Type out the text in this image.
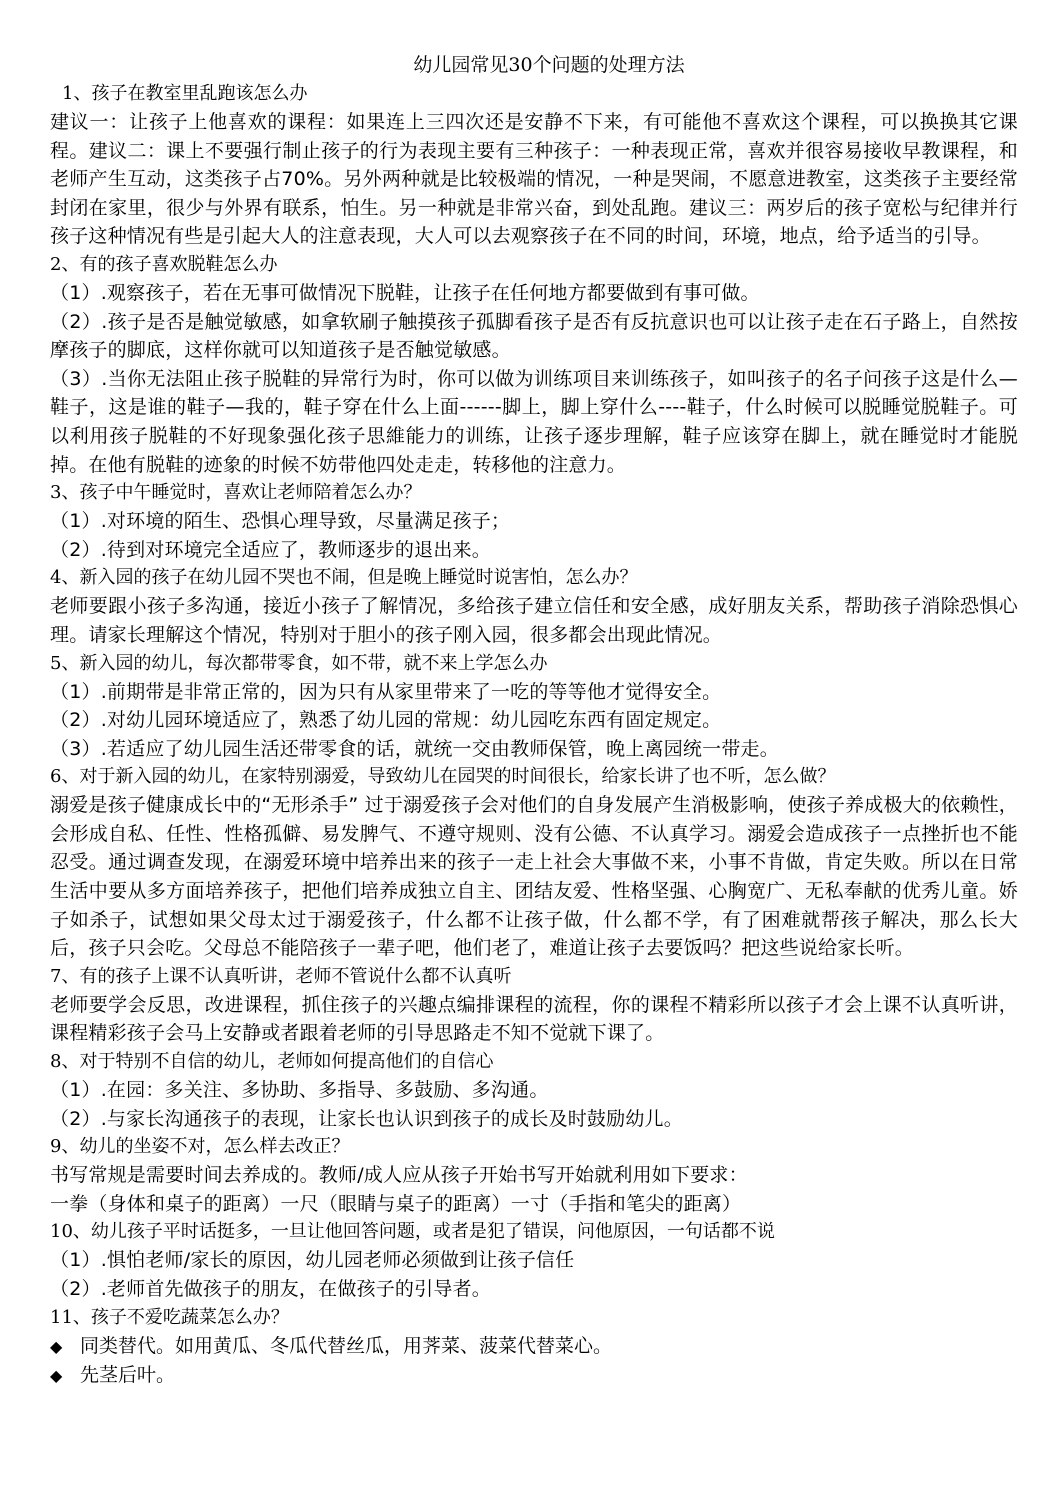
幼儿园常见30个问题的处理方法
1、孩子在教室里乱跑该怎么办
建议一：让孩子上他喜欢的课程：如果连上三四次还是安静不下来，有可能他不喜欢这个课程，可以换换其它课程。建议二：课上不要强行制止孩子的行为表现主要有三种孩子：一种表现正常，喜欢并很容易接收早教课程，和老师产生互动，这类孩子占70%。另外两种就是比较极端的情况，一种是哭闹，不愿意进教室，这类孩子主要经常封闭在家里，很少与外界有联系，怕生。另一种就是非常兴奋，到处乱跑。建议三：两岁后的孩子宽松与纪律并行 孩子这种情况有些是引起大人的注意表现，大人可以去观察孩子在不同的时间，环境，地点，给予适当的引导。
2、有的孩子喜欢脱鞋怎么办
（1）.观察孩子，若在无事可做情况下脱鞋，让孩子在任何地方都要做到有事可做。
（2）.孩子是否是触觉敏感，如拿软刷子触摸孩子孤脚看孩子是否有反抗意识也可以让孩子走在石子路上，自然按摩孩子的脚底，这样你就可以知道孩子是否触觉敏感。
（3）.当你无法阻止孩子脱鞋的异常行为时，你可以做为训练项目来训练孩子，如叫孩子的名子问孩子这是什么—鞋子，这是谁的鞋子—我的，鞋子穿在什么上面------脚上，脚上穿什么----鞋子，什么时候可以脱睡觉脱鞋子。可以利用孩子脱鞋的不好现象强化孩子思維能力的训练，让孩子逐步理解，鞋子应该穿在脚上，就在睡觉时才能脱掉。在他有脱鞋的迹象的时候不妨带他四处走走，转移他的注意力。
3、孩子中午睡觉时，喜欢让老师陪着怎么办？
（1）.对环境的陌生、恐惧心理导致，尽量满足孩子；
（2）.待到对环境完全适应了，教师逐步的退出来。
4、新入园的孩子在幼儿园不哭也不闹，但是晚上睡觉时说害怕，怎么办？
老师要跟小孩子多沟通，接近小孩子了解情况，多给孩子建立信任和安全感，成好朋友关系，帮助孩子消除恐惧心理。请家长理解这个情况，特别对于胆小的孩子刚入园，很多都会出现此情况。
5、新入园的幼儿，每次都带零食，如不带，就不来上学怎么办
（1）.前期带是非常正常的，因为只有从家里带来了一吃的等等他才觉得安全。
（2）.对幼儿园环境适应了，熟悉了幼儿园的常规：幼儿园吃东西有固定规定。
（3）.若适应了幼儿园生活还带零食的话，就统一交由教师保管，晚上离园统一带走。
6、对于新入园的幼儿，在家特别溺爱，导致幼儿在园哭的时间很长，给家长讲了也不听，怎么做？
溺爱是孩子健康成长中的“无形杀手” 过于溺爱孩子会对他们的自身发展产生消极影响，使孩子养成极大的依赖性，会形成自私、任性、性格孤僻、易发脾气、不遵守规则、没有公德、不认真学习。溺爱会造成孩子一点挫折也不能忍受。通过调查发现，在溺爱环境中培养出来的孩子一走上社会大事做不来，小事不肯做，肯定失败。所以在日常生活中要从多方面培养孩子，把他们培养成独立自主、团结友爱、性格坚强、心胸宽广、无私奉献的优秀儿童。娇子如杀子，试想如果父母太过于溺爱孩子，什么都不让孩子做，什么都不学，有了困难就帮孩子解决，那么长大后，孩子只会吃。父母总不能陪孩子一辈子吧，他们老了，难道让孩子去要饭吗？把这些说给家长听。
7、有的孩子上课不认真听讲，老师不管说什么都不认真听
老师要学会反思，改进课程，抓住孩子的兴趣点编排课程的流程，你的课程不精彩所以孩子才会上课不认真听讲，课程精彩孩子会马上安静或者跟着老师的引导思路走不知不觉就下课了。
8、对于特别不自信的幼儿，老师如何提高他们的自信心
（1）.在园：多关注、多协助、多指导、多鼓励、多沟通。
（2）.与家长沟通孩子的表现，让家长也认识到孩子的成长及时鼓励幼儿。
9、幼儿的坐姿不对，怎么样去改正？
书写常规是需要时间去养成的。教师/成人应从孩子开始书写开始就利用如下要求：
一拳（身体和桌子的距离）一尺（眼睛与桌子的距离）一寸（手指和笔尖的距离）
10、幼儿孩子平时话挺多，一旦让他回答问题，或者是犯了错误，问他原因，一句话都不说
（1）.惧怕老师/家长的原因，幼儿园老师必须做到让孩子信任
（2）.老师首先做孩子的朋友，在做孩子的引导者。
11、孩子不爱吃蔬菜怎么办？
◆ 同类替代。如用黄瓜、冬瓜代替丝瓜，用荠菜、菠菜代替菜心。
◆ 先茎后叶。
